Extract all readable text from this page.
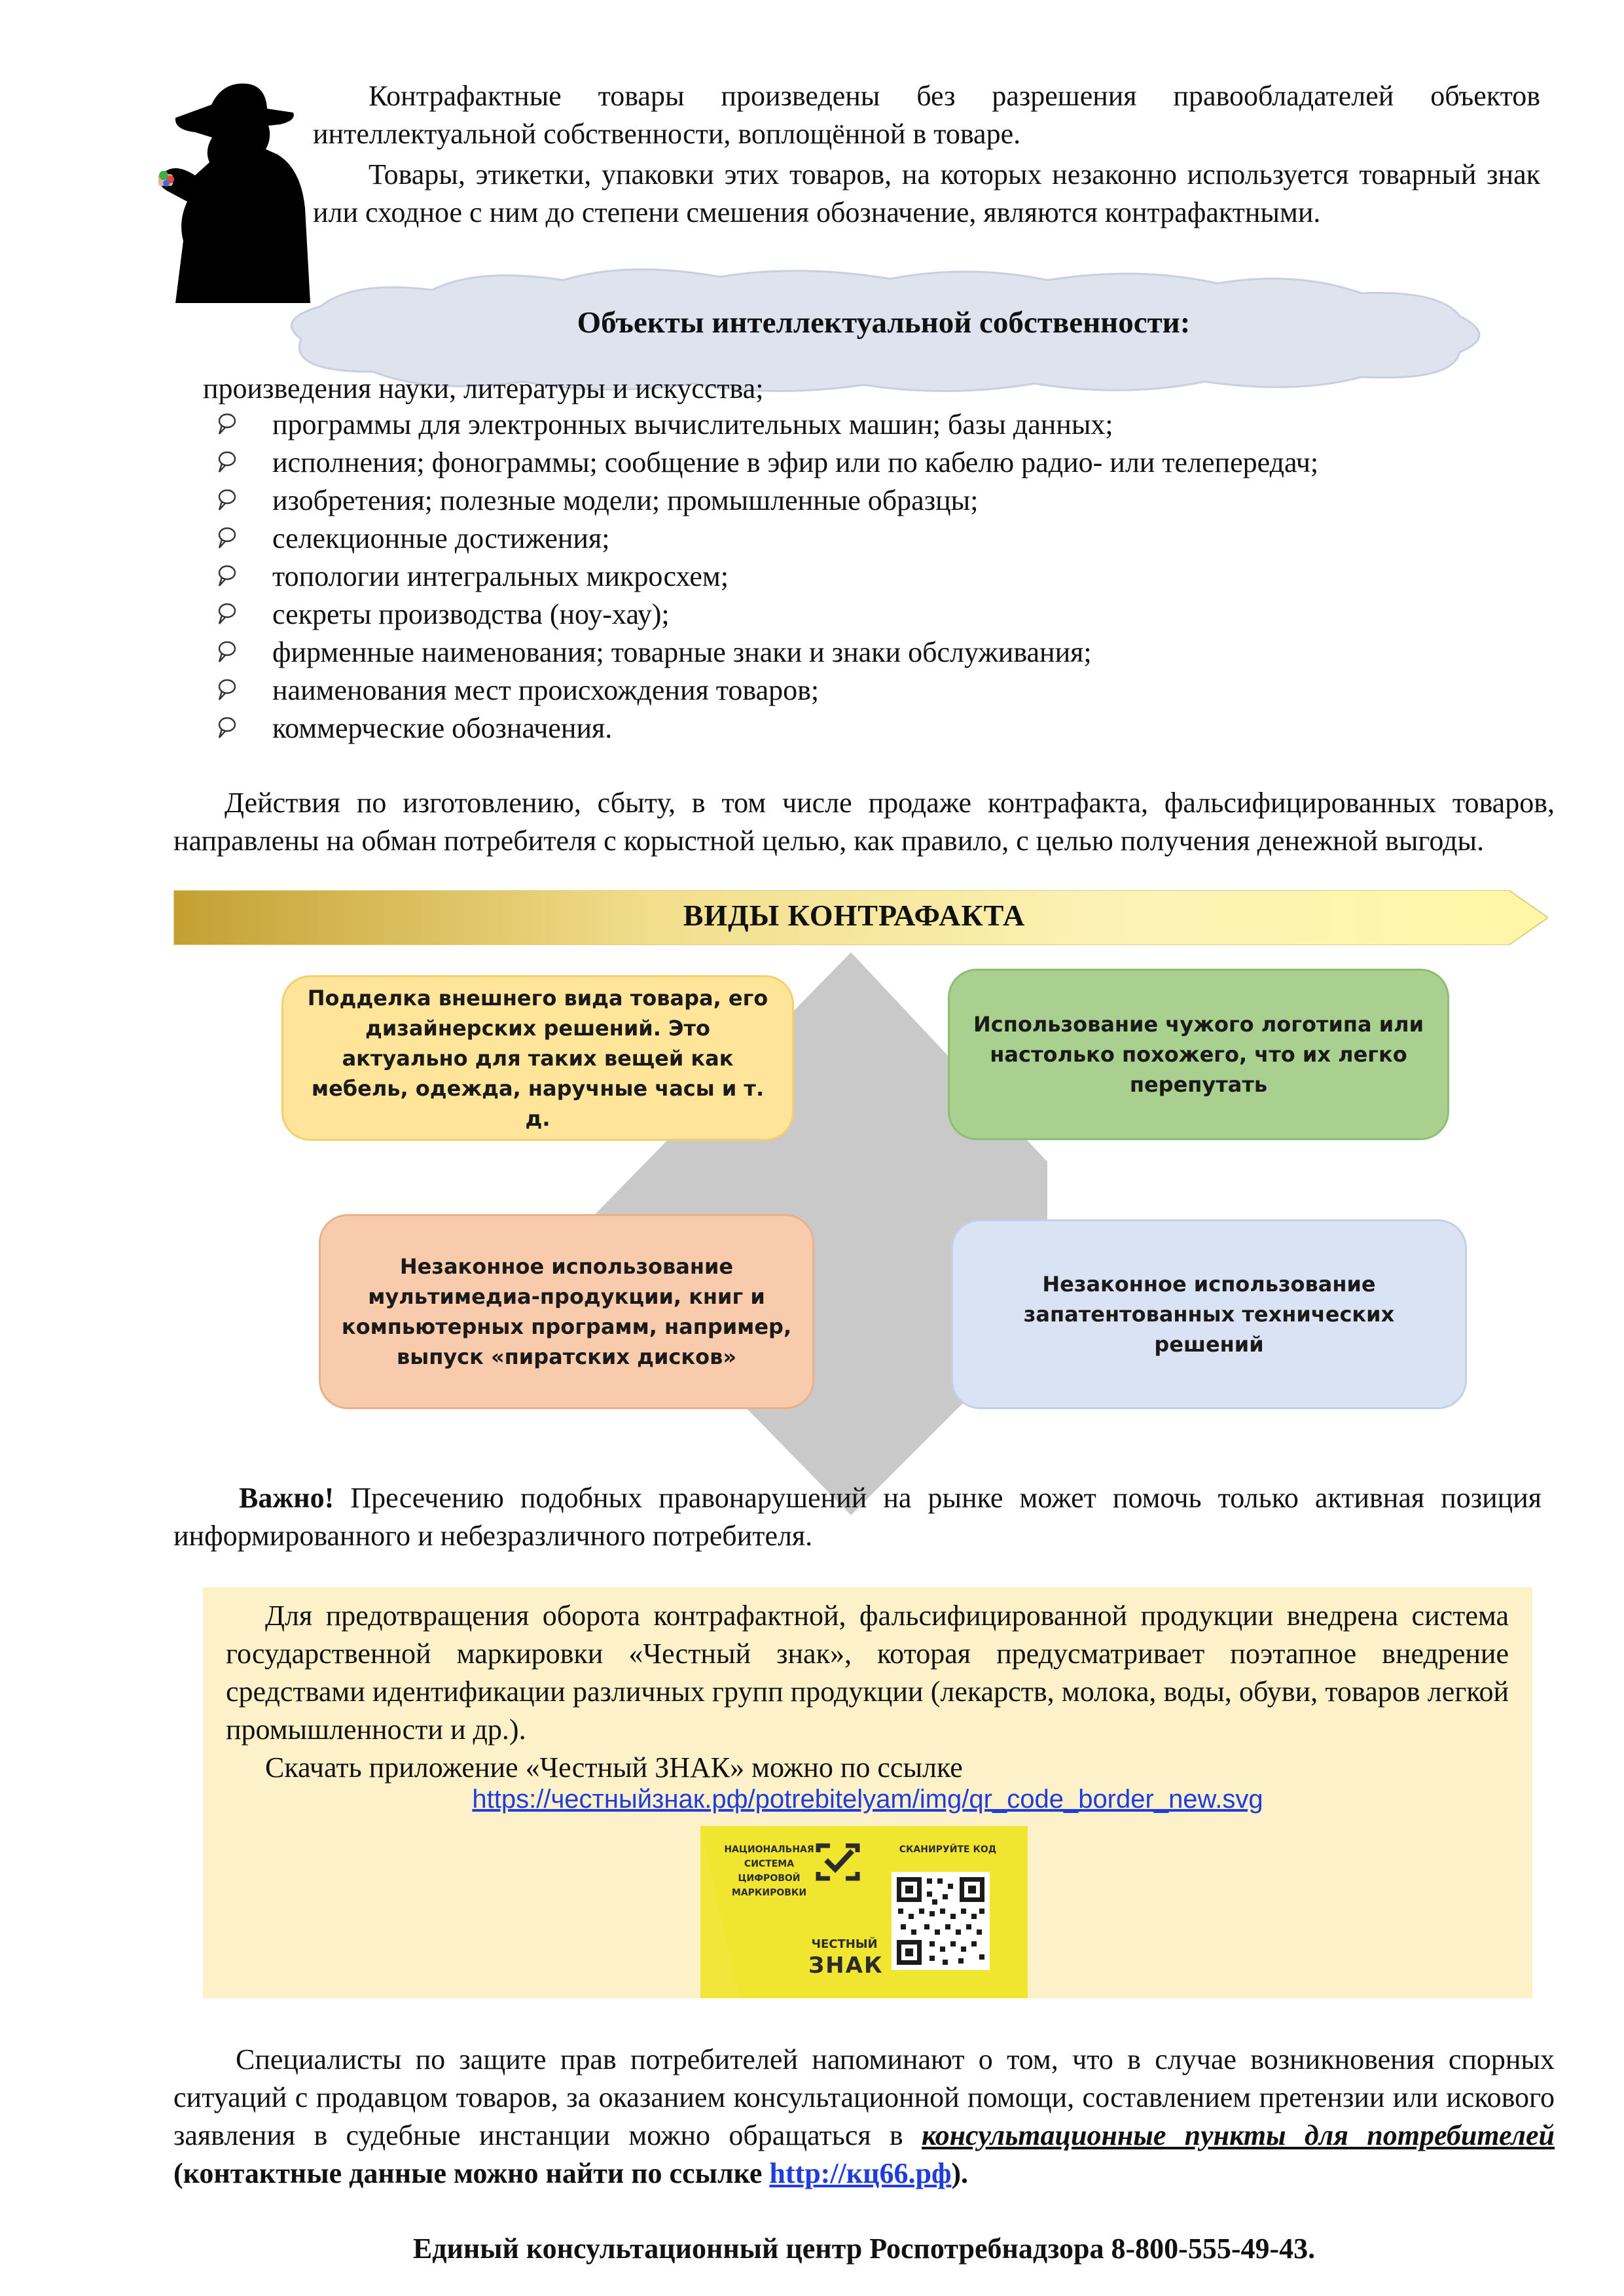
Контрафактные товары произведены без разрешения правообладателей объектов интеллектуальной собственности, воплощённой в товаре.

Товары, этикетки, упаковки этих товаров, на которых незаконно используется товарный знак или сходное с ним до степени смешения обозначение, являются контрафактными.

Объекты интеллектуальной собственности:
произведения науки, литературы и искусства;
программы для электронных вычислительных машин; базы данных;
исполнения; фонограммы; сообщение в эфир или по кабелю радио- или телепередач;
изобретения; полезные модели; промышленные образцы;
селекционные достижения;
топологии интегральных микросхем;
секреты производства (ноу-хау);
фирменные наименования; товарные знаки и знаки обслуживания;
наименования мест происхождения товаров;
коммерческие обозначения.

Действия по изготовлению, сбыту, в том числе продаже контрафакта, фальсифицированных товаров, направлены на обман потребителя с корыстной целью, как правило, с целью получения денежной выгоды.

ВИДЫ КОНТРАФАКТА
Подделка внешнего вида товара, его дизайнерских решений. Это актуально для таких вещей как мебель, одежда, наручные часы и т. д.
Использование чужого логотипа или настолько похожего, что их легко перепутать
Незаконное использование мультимедиа-продукции, книг и компьютерных программ, например, выпуск «пиратских дисков»
Незаконное использование запатентованных технических решений

Важно! Пресечению подобных правонарушений на рынке может помочь только активная позиция информированного и небезразличного потребителя.

Для предотвращения оборота контрафактной, фальсифицированной продукции внедрена система государственной маркировки «Честный знак», которая предусматривает поэтапное внедрение средствами идентификации различных групп продукции (лекарств, молока, воды, обуви, товаров легкой промышленности и др.).

Скачать приложение «Честный ЗНАК» можно по ссылке
https://честныйзнак.рф/potrebitelyam/img/qr_code_border_new.svg
НАЦИОНАЛЬНАЯ СИСТЕМА ЦИФРОВОЙ МАРКИРОВКИ
СКАНИРУЙТЕ КОД
ЧЕСТНЫЙ
ЗНАК

Специалисты по защите прав потребителей напоминают о том, что в случае возникновения спорных ситуаций с продавцом товаров, за оказанием консультационной помощи, составлением претензии или искового заявления в судебные инстанции можно обращаться в консультационные пункты для потребителей (контактные данные можно найти по ссылке http://кц66.рф).

Единый консультационный центр Роспотребнадзора 8-800-555-49-43.
